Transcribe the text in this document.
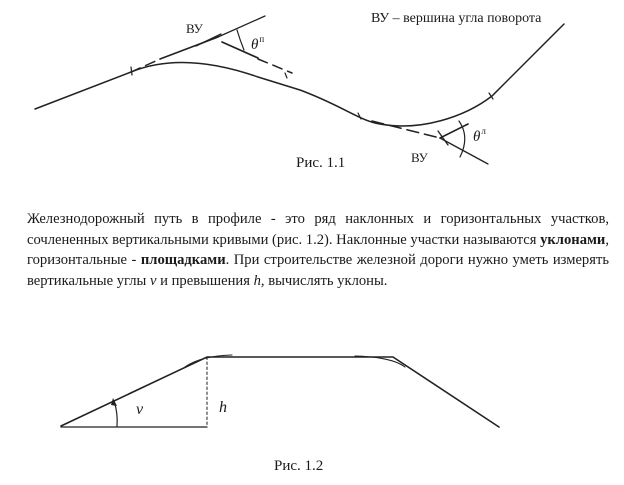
ВУ – вершина угла поворота
ВУ
ВУ
$\theta^п$
$\theta^л$
Рис. 1.1

Железнодорожный путь в профиле - это ряд наклонных и горизонтальных участков, сочлененных вертикальными кривыми (рис. 1.2). Наклонные участки называются уклонами, горизонтальные - площадками. При строительстве железной дороги нужно уметь измерять вертикальные углы v и превышения h, вычислять уклоны.

v	h
Рис. 1.2
